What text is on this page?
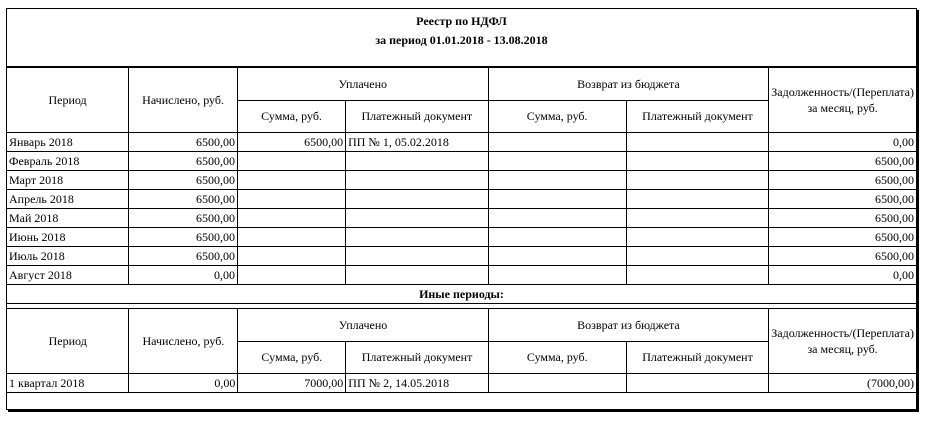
Реестр по НДФЛ
за период 01.01.2018 - 13.08.2018
Период	Начислено, руб.	Уплачено		Возврат из бюджета		Задолженность/(Переплата) за месяц, руб.
		Сумма, руб.	Платежный документ	Сумма, руб.	Платежный документ	
Январь 2018	6500,00	6500,00	ПП № 1, 05.02.2018			0,00
Февраль 2018	6500,00					6500,00
Март 2018	6500,00					6500,00
Апрель 2018	6500,00					6500,00
Май 2018	6500,00					6500,00
Июнь 2018	6500,00					6500,00
Июль 2018	6500,00					6500,00
Август 2018	0,00					0,00
Иные периоды:						
Период	Начислено, руб.	Уплачено		Возврат из бюджета		Задолженность/(Переплата) за месяц, руб.
		Сумма, руб.	Платежный документ	Сумма, руб.	Платежный документ	
1 квартал 2018	0,00	7000,00	ПП № 2, 14.05.2018			(7000,00)
